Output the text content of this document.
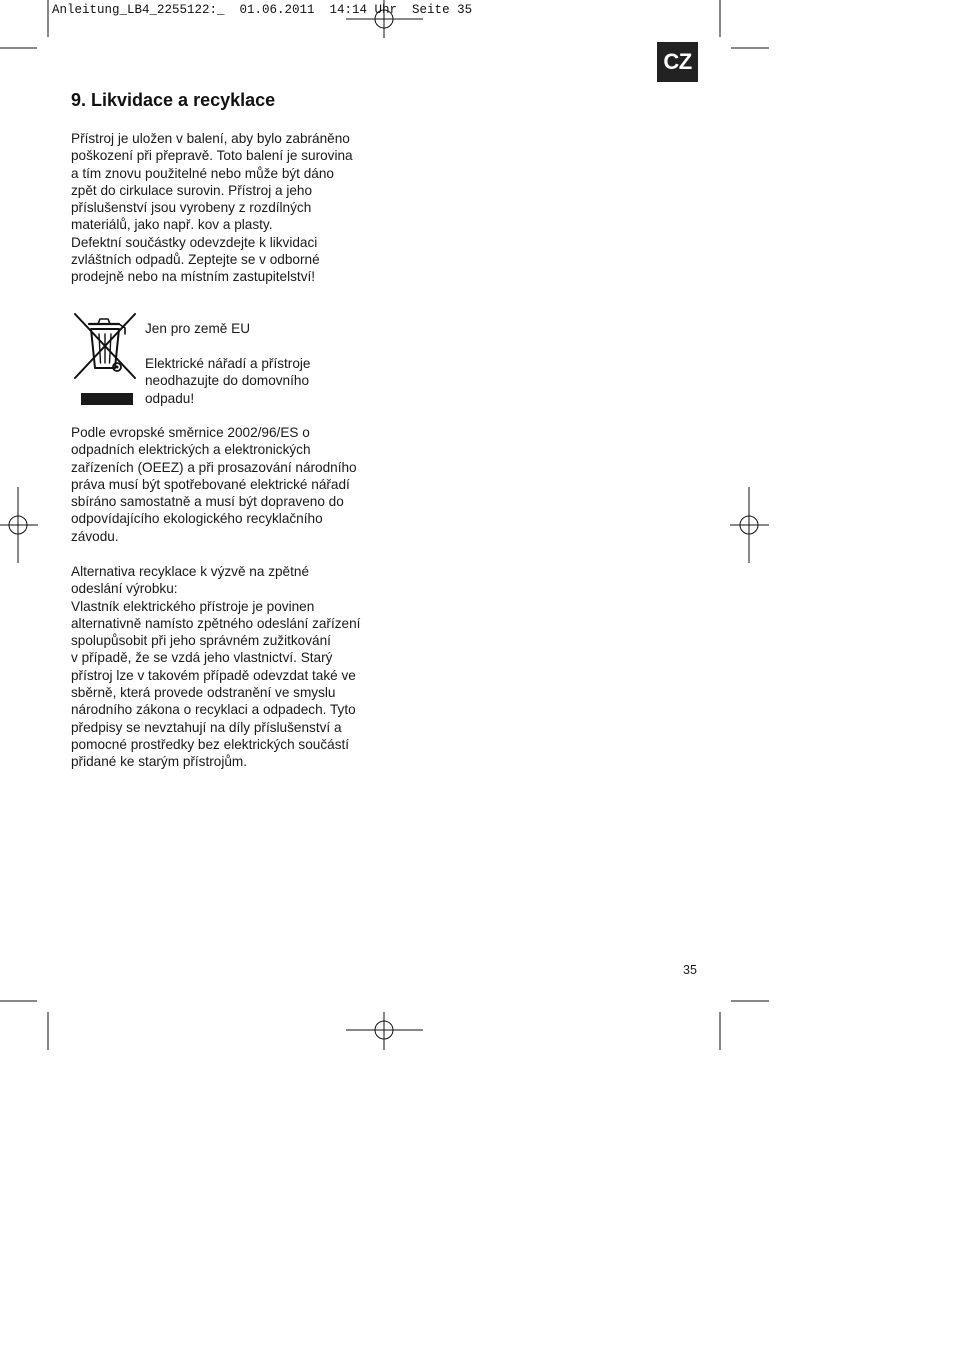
Anleitung_LB4_2255122:_  01.06.2011  14:14 Uhr  Seite 35
CZ
9. Likvidace a recyklace

Přístroj je uložen v balení, aby bylo zabráněno
poškození při přepravě. Toto balení je surovina
a tím znovu použitelné nebo může být dáno
zpět do cirkulace surovin. Přístroj a jeho
příslušenství jsou vyrobeny z rozdílných
materiálů, jako např. kov a plasty.
Defektní součástky odevzdejte k likvidaci
zvláštních odpadů. Zeptejte se v odborné
prodejně nebo na místním zastupitelství!

Jen pro země EU

Elektrické nářadí a přístroje
neodhazujte do domovního
odpadu!

Podle evropské směrnice 2002/96/ES o
odpadních elektrických a elektronických
zařízeních (OEEZ) a při prosazování národního
práva musí být spotřebované elektrické nářadí
sbíráno samostatně a musí být dopraveno do
odpovídajícího ekologického recyklačního
závodu.

Alternativa recyklace k výzvě na zpětné
odeslání výrobku:
Vlastník elektrického přístroje je povinen
alternativně namísto zpětného odeslání zařízení
spolupůsobit při jeho správném zužitkování
v případě, že se vzdá jeho vlastnictví. Starý
přístroj lze v takovém případě odevzdat také ve
sběrně, která provede odstranění ve smyslu
národního zákona o recyklaci a odpadech. Tyto
předpisy se nevztahují na díly příslušenství a
pomocné prostředky bez elektrických součástí
přidané ke starým přístrojům.

35
